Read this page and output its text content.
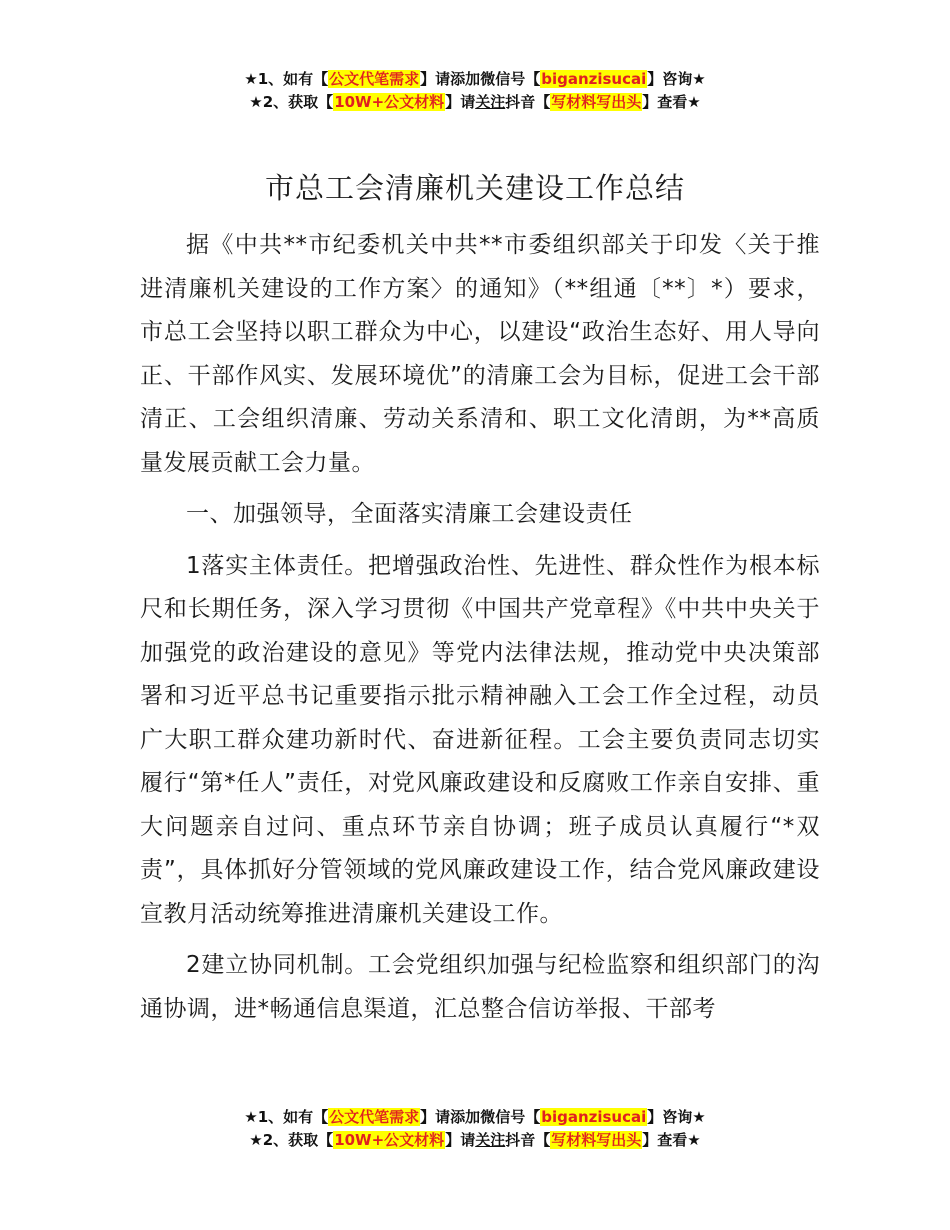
★1、如有【公文代笔需求】请添加微信号【biganzisucai】咨询★
★2、获取【10W+公文材料】请关注抖音【写材料写出头】查看★
市总工会清廉机关建设工作总结

据《中共**市纪委机关中共**市委组织部关于印发〈关于推进清廉机关建设的工作方案〉的通知》（**组通〔**〕*）要求，市总工会坚持以职工群众为中心，以建设“政治生态好、用人导向正、干部作风实、发展环境优”的清廉工会为目标，促进工会干部清正、工会组织清廉、劳动关系清和、职工文化清朗，为**高质量发展贡献工会力量。

一、加强领导，全面落实清廉工会建设责任

1落实主体责任。把增强政治性、先进性、群众性作为根本标尺和长期任务，深入学习贯彻《中国共产党章程》《中共中央关于加强党的政治建设的意见》等党内法律法规，推动党中央决策部署和习近平总书记重要指示批示精神融入工会工作全过程，动员广大职工群众建功新时代、奋进新征程。工会主要负责同志切实履行“第*任人”责任，对党风廉政建设和反腐败工作亲自安排、重大问题亲自过问、重点环节亲自协调；班子成员认真履行“*双责”，具体抓好分管领域的党风廉政建设工作，结合党风廉政建设宣教月活动统筹推进清廉机关建设工作。

2建立协同机制。工会党组织加强与纪检监察和组织部门的沟通协调，进*畅通信息渠道，汇总整合信访举报、干部考

★1、如有【公文代笔需求】请添加微信号【biganzisucai】咨询★
★2、获取【10W+公文材料】请关注抖音【写材料写出头】查看★
